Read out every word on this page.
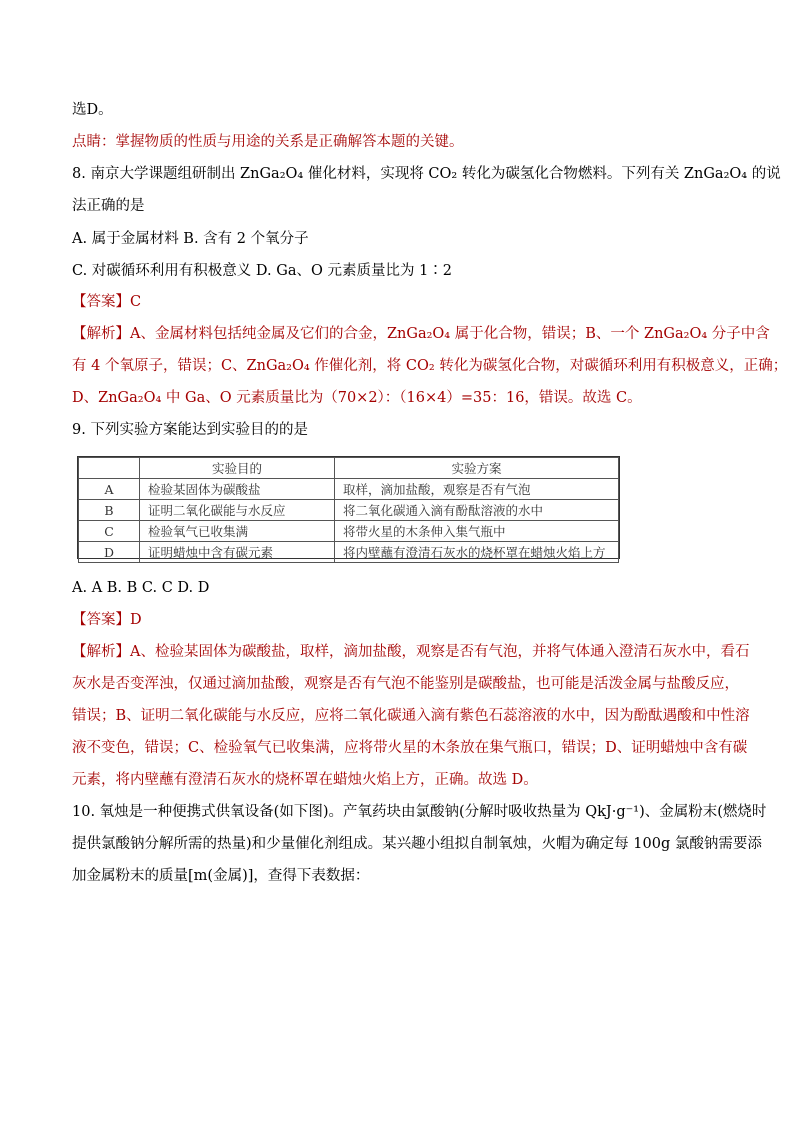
选D。
点睛：掌握物质的性质与用途的关系是正确解答本题的关键。
8. 南京大学课题组研制出 ZnGa₂O₄ 催化材料，实现将 CO₂ 转化为碳氢化合物燃料。下列有关 ZnGa₂O₄ 的说
法正确的是
A. 属于金属材料 B. 含有 2 个氧分子
C. 对碳循环利用有积极意义 D. Ga、O 元素质量比为 1∶2
【答案】C
【解析】A、金属材料包括纯金属及它们的合金，ZnGa₂O₄ 属于化合物，错误；B、一个 ZnGa₂O₄ 分子中含
有 4 个氧原子，错误；C、ZnGa₂O₄ 作催化剂，将 CO₂ 转化为碳氢化合物，对碳循环利用有积极意义，正确；
D、ZnGa₂O₄ 中 Ga、O 元素质量比为（70×2）：（16×4）=35：16，错误。故选 C。
9. 下列实验方案能达到实验目的的是
	实验目的	实验方案
A	检验某固体为碳酸盐	取样，滴加盐酸，观察是否有气泡
B	证明二氧化碳能与水反应	将二氧化碳通入滴有酚酞溶液的水中
C	检验氧气已收集满	将带火星的木条伸入集气瓶中
D	证明蜡烛中含有碳元素	将内壁蘸有澄清石灰水的烧杯罩在蜡烛火焰上方
A. A B. B C. C D. D
【答案】D
【解析】A、检验某固体为碳酸盐，取样，滴加盐酸，观察是否有气泡，并将气体通入澄清石灰水中，看石
灰水是否变浑浊，仅通过滴加盐酸，观察是否有气泡不能鉴别是碳酸盐，也可能是活泼金属与盐酸反应，
错误；B、证明二氧化碳能与水反应，应将二氧化碳通入滴有紫色石蕊溶液的水中，因为酚酞遇酸和中性溶
液不变色，错误；C、检验氧气已收集满，应将带火星的木条放在集气瓶口，错误；D、证明蜡烛中含有碳
元素，将内壁蘸有澄清石灰水的烧杯罩在蜡烛火焰上方，正确。故选 D。
10. 氧烛是一种便携式供氧设备(如下图)。产氧药块由氯酸钠(分解时吸收热量为 QkJ·g⁻¹)、金属粉末(燃烧时
提供氯酸钠分解所需的热量)和少量催化剂组成。某兴趣小组拟自制氧烛，火帽为确定每 100g 氯酸钠需要添
加金属粉末的质量[m(金属)]，查得下表数据：
